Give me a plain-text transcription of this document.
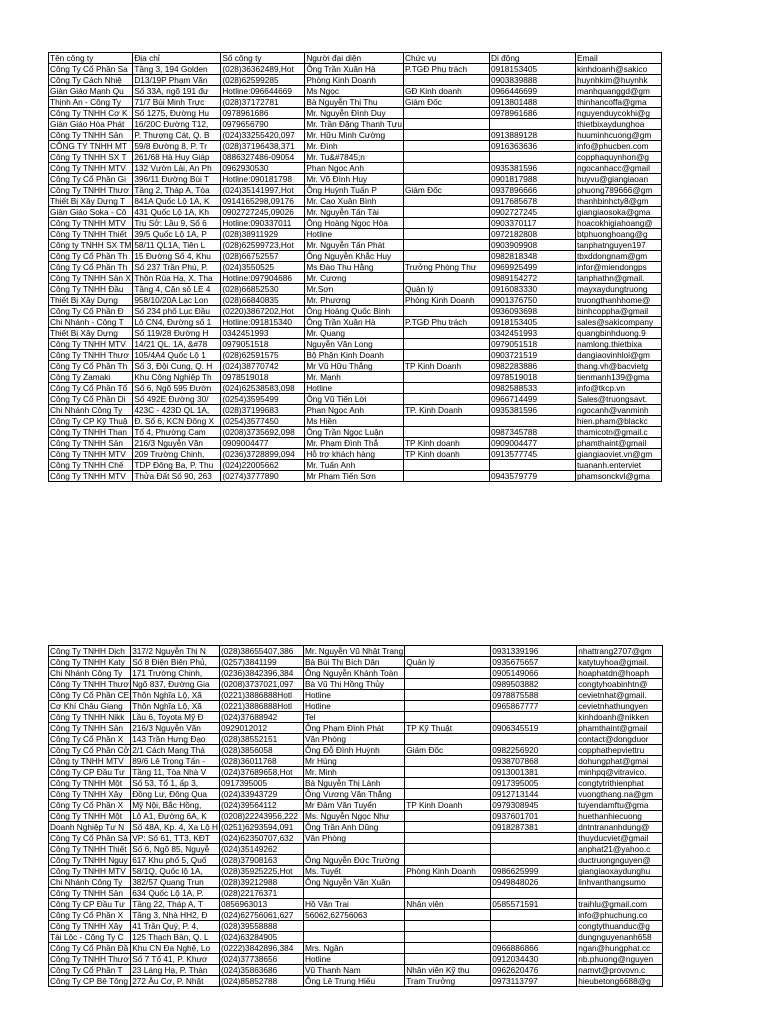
Tên công ty	Địa chỉ	Số công ty	Người đại diện	Chức vụ	Di động	Email
Công Ty Cổ Phần Sa	Tầng 3, 194 Golden	(028)36362489,Hot	Ông Trần Xuân Hà	P.TGĐ Phụ trách	0918153405	kinhdoanh@sakico
Công Ty Cách Nhiệ	D13/19P Phạm Văn	(028)62599285	Phòng Kinh Doanh		0903839888	huynhkim@huynhk
Giàn Giáo Mạnh Qu	Số 33A, ngõ 191 đư	Hotline:096644669	Ms Ngọc	GĐ Kinh doanh	0966446699	manhquanggd@gm
Thịnh An - Công Ty	71/7 Bùi Minh Trực	(028)37172781	Bà Nguyễn Thị Thu	Giám Đốc	0913801488	thinhancoffa@gma
Công Ty TNHH Cơ K	Số 1275, Đường Hu	0978961686	Mr. Nguyễn Đình Duy		0978961686	nguyenduycokhi@g
Giàn Giáo Hòa Phát	16/20C Đường T12,	0979656790	Mr. Trần Đặng Thanh Tựu			thietbixaydunghoa
Công Ty TNHH Sản	P. Thượng Cát, Q. B	(024)33255420,097	Mr. Hữu Minh Cường		0913889128	huuminhcuong@gm
CÔNG TY TNHH MT	59/8 Đường 8, P. Tr	(028)37196438,371	Mr. Đình		0916363636	info@phucben.com
Công Ty TNHH SX T	261/68 Hà Huy Giáp	0886327486-09054	Mr. Tu&#7845;n			copphaquynhon@g
Công Ty TNHH MTV	132 Vườn Lài, An Ph	0962930530	Phan Ngọc Anh		0935381596	ngocanhacc@gmail
Công Ty Cổ Phần Gi	396/11 Đường Bùi T	Hotline:090181798	Mr. Võ Đình Huy		0901817988	huyvu@giangiaoan
Công Ty TNHH Thươ	Tầng 2, Tháp A, Tòa	(024)35141997,Hot	Ông Huỳnh Tuấn P	Giám Đốc	0937896666	phuong789666@gm
Thiết Bị Xây Dựng T	841A Quốc Lộ 1A, K	0914165298,09176	Mr. Cao Xuân Bình		0917685678	thanhbinhcty8@gm
Giàn Giáo Soka - Cô	431 Quốc Lộ 1A, Kh	0902727245,09026	Mr. Nguyễn Tấn Tài		0902727245	giangiaosoka@gma
Công Ty TNHH MTV	Trụ Sở: Lầu 9, Số 6	Hotline:090337011	Ông Hoàng Ngọc Hòa		0903370117	hoacokhigiahoang@
Công Ty TNHH Thiết	39/5 Quốc Lộ 1A, P	(028)38911929	Hotline		0972182808	btphuonghoang@g
Công ty TNHH SX TM	58/11 QL1A, Tiên L	(028)62599723,Hot	Mr. Nguyễn Tấn Phát		0903909908	tanphatnguyen197
Công Ty Cổ Phần Th	15 Đường Số 4, Khu	(028)66752557	Ông Nguyễn Khắc Huy		0982818348	tbxddongnam@gm
Công Ty Cổ Phần Th	Số 237 Trần Phú, P.	(024)3550525	Ms Đào Thu Hằng	Trưởng Phòng Thư	0969925499	infor@miendongps
Công Ty TNHH Sản X	Thôn Rùa Hạ, X. Tha	Hotline:097904686	Mr. Cương		0989154272	tanphathn@gmail.
Công Ty TNHH Đầu	Tầng 4, Căn số LE 4	(028)66852530	Mr.Sơn	Quản lý	0916083330	mayxaydungtruong
Thiết Bị Xây Dựng	958/10/20A Lạc Lon	(028)66840835	Mr. Phương	Phòng Kinh Doanh	0901376750	truongthanhhome@
Công Ty Cổ Phần Đ	Số 234 phố Lục Đầu	(0220)3867202,Hot	Ông Hoàng Quốc Bình		0936093698	binhcoppha@gmail
Chi Nhánh - Công T	Lô CN4, Đường số 1	Hotline:091815340	Ông Trần Xuân Hà	P.TGĐ Phụ trách	0918153405	sales@sakicompany
Thiết Bị Xây Dựng	Số 119/28 Đường H	0342451993	Mr. Quang		0342451993	quangbinhduong.9
Công Ty TNHH MTV	14/21 QL. 1A, &#78	0979051518	Nguyễn Văn Long		0979051518	namlong.thietbixa
Công Ty TNHH Thươ	105/4A4 Quốc Lộ 1	(028)62591575	Bộ Phận Kinh Doanh		0903721519	dangiaovinhloi@gm
Công Ty Cổ Phần Th	Số 3, Đội Cung, Q. H	(024)38770742	Mr Vũ Hữu Thắng	TP Kinh Doanh	0982283886	thang.vh@bacvietg
Công Ty Zamaki	Khu Công Nghiệp Th	0978519018	Mr. Mạnh		0978519018	tienmanh139@gma
Công Ty Cổ Phần Tổ	Số 6, Ngõ 595 Đườn	(024)62538583,098	Hotline		0982588533	info@tkcp.vn
Công Ty Cổ Phần Di	Số 492E Đường 30/	(0254)3595499	Ông Vũ Tiến Lời		0966714499	Sales@truongsavt.
Chi Nhánh Công Ty	423C - 423D QL 1A,	(028)37199683	Phan Ngọc Anh	TP. Kinh Doanh	0935381596	ngocanh@vanminh
Công Ty CP Kỹ Thuậ	Đ. Số 6, KCN Đông X	(0254)3577450	Ms Hiền			hien.pham@blackc
Công Ty TNHH Than	Tổ 4, Phường Cam	(0208)3735692,098	Ông Trần Ngọc Luận		0987345788	thamicotn@gmail.c
Công Ty TNHH Sản	216/3 Nguyễn Văn	0909004477	Mr. Phạm Đình Thắ	TP Kinh doanh	0909004477	phamthaint@gmail
Công Ty TNHH MTV	209 Trường Chinh,	(0236)3728899,094	Hỗ trợ khách hàng	TP Kinh doanh	0913577745	giangiaoviet.vn@gm
Công Ty TNHH Chế	TDP Đông Ba, P. Thu	(024)22005662	Mr. Tuấn Anh			tuananh.enterviet
Công Ty TNHH MTV	Thửa Đất Số 90, 263	(0274)3777890	Mr Phạm Tiến Sơn		0943579779	phamsonckvl@gma
Công Ty TNHH Dịch	317/2 Nguyễn Thị N	(028)38655407,386	Mr. Nguyễn Vũ Nhật Trang		0931339196	nhattrang2707@gm
Công Ty TNHH Katy	Số 8 Điện Biên Phủ,	(0257)3841199	Bà Bùi Thị Bích Dân	Quản lý	0935675657	katytuyhoa@gmail.
Chi Nhánh Công Ty	171 Trường Chinh,	(0236)3842396,384	Ông Nguyễn Khánh Toàn		0905149066	hoaphatdn@hoaph
Công Ty TNHH Thươ	Ngõ 837, Đường Gia	(0208)3737021,097	Bà Vũ Thị Hồng Thủy		0989503882	congtyhoabinhtn@
Công Ty Cổ Phần CE	Thôn Nghĩa Lộ, Xã	(0221)3886888Hotl	Hotline		0978875588	cevietnhat@gmail.
Cơ Khí Châu Giang	Thôn Nghĩa Lộ, Xã	(0221)3886888Hotl	Hotline		0965867777	cevietnhathungyen
Công Ty TNHH Nikk	Lầu 6, Toyota Mỹ Đ	(024)37688942	Tel			kinhdoanh@nikken
Công Ty TNHH Sản	216/3 Nguyễn Văn	0929012012	Ông Phạm Đình Phát	TP Kỹ Thuật	0906345519	phamthaint@gmail
Công Ty Cổ Phần X	143 Trần Hưng Đạo	(028)38552151	Văn Phòng			contact@dongduor
Công Ty Cổ Phần Cở	2/1 Cách Mạng Thá	(028)3856058	Ông Đỗ Đình Huỳnh	Giám Đốc	0982256920	copphathepviettru
Công ty TNHH MTV	89/6 Lê Trọng Tấn -	(028)36011768	Mr Hùng		0938707868	dohungphat@gmai
Công Ty CP Đầu Tư	Tầng 11, Tòa Nhà V	(024)37689658,Hot	Mr. Minh		0913001381	minhpq@vitravico.
Công Ty TNHH Một	Số 53, Tổ 1, ấp 3,	0917395005	Bà Nguyễn Thị Lành		0917395005	congtytrithienphat
Công Ty TNHH Xây	Đồng Lư, Đông Qua	(024)33943729	Ông Vương Văn Thắng		0912713144	vuongthang.na@gm
Công Ty Cổ Phần X	Mỹ Nội, Bắc Hồng,	(024)39564112	Mr Đàm Văn Tuyển	TP Kinh Doanh	0979308945	tuyendamftu@gma
Công Ty TNHH Một	Lô A1, Đường 6A, K	(0208)22243956,222	Ms. Nguyễn Ngọc Như		0937601701	huethanhiecuong
Doanh Nghiệp Tư N	Số 48A, Kp. 4, Xa Lộ H	(0251)6293594,091	Ông Trần Anh Dũng		0918287381	dntntrananhdung@
Công Ty Cổ Phần Sả	VP: Số 61, TT3, KĐT	(024)62350707,632	Văn Phòng			thuyducviet@gmail
Công Ty TNHH Thiết	Số 6, Ngõ 85, Nguyễ	(024)35149262				anphat21@yahoo.c
Công Ty TNHH Nguy	617 Khu phố 5, Quố	(028)37908163	Ông Nguyễn Đức Trường			ductruongnguyen@
Công Ty TNHH MTV	58/1Q, Quốc lộ 1A,	(028)35925225,Hot	Ms. Tuyết	Phòng Kinh Doanh	0986625999	giangiaoxaydunghu
Chi Nhánh Công Ty	382/57 Quang Trun	(028)39212988	Ông Nguyễn Văn Xuân		0949848026	linhvanthangsumo
Công Ty TNHH Sản	634 Quốc Lộ 1A, P.	(028)22176371				
Công Ty CP Đầu Tư	Tầng 22, Tháp A, T	0856963013	Hồ Văn Trai	Nhân viên	0585571591	traihlu@gmail.com
Công Ty Cổ Phần X	Tầng 3, Nhà HH2, Đ	(024)62756061,627	56062,62756063			info@phuchung.co
Công Ty TNHH Xây	41 Trần Quý, P. 4,	(028)39558888				congtythuanduc@g
Tài Lộc - Công Ty C	125 Thạch Bàn, Q. L	(024)63284905				dungnguyenanh658
Công Ty Cổ Phần Đầ	Khu CN Đa Nghệ, Lo	(0222)3842896,384	Mrs. Ngân		0966886866	ngan@hungphat.cc
Công Ty TNHH Thươ	Số 7 Tổ 41, P. Khươ	(024)37738656	Hotline		0912034430	nb.phuong@nguyen
Công Ty Cổ Phần T	23 Láng Hạ, P. Thàn	(024)35863686	Vũ Thanh Nam	Nhân viên Kỹ thu	0962620476	namvt@provovn.c
Công Ty CP Bê Tông	272 Âu Cơ, P. Nhật	(024)85852788	Ông Lê Trung Hiếu	Trạm Trưởng	0973113797	hieubetong6688@g
